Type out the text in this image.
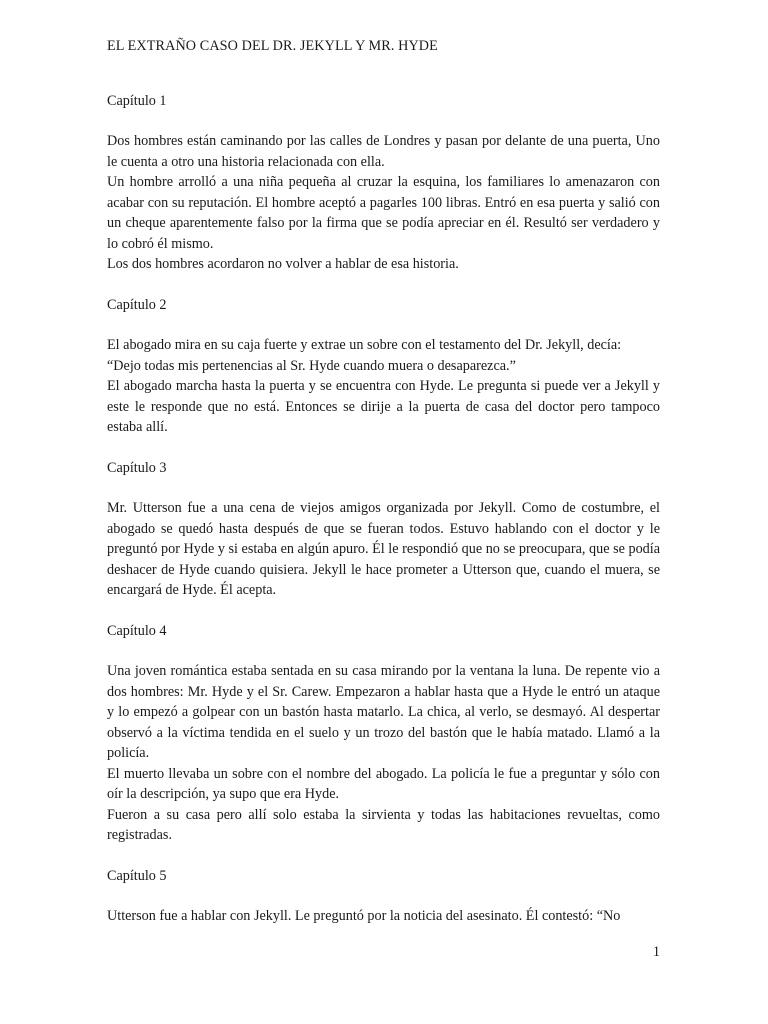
EL EXTRAÑO CASO DEL DR. JEKYLL Y MR. HYDE
Capítulo 1

Dos hombres están caminando por las calles de Londres y pasan por delante de una puerta, Uno le cuenta a otro una historia relacionada con ella.

Un hombre arrolló a una niña pequeña al cruzar la esquina, los familiares lo amenazaron con acabar con su reputación. El hombre aceptó a pagarles 100 libras. Entró en esa puerta y salió con un cheque aparentemente falso por la firma que se podía apreciar en él. Resultó ser verdadero y lo cobró él mismo.

Los dos hombres acordaron no volver a hablar de esa historia.

Capítulo 2

El abogado mira en su caja fuerte y extrae un sobre con el testamento del Dr. Jekyll, decía:

“Dejo todas mis pertenencias al Sr. Hyde cuando muera o desaparezca.”

El abogado marcha hasta la puerta y se encuentra con Hyde. Le pregunta si puede ver a Jekyll y este le responde que no está. Entonces se dirije a la puerta de casa del doctor pero tampoco estaba allí.

Capítulo 3

Mr. Utterson fue a una cena de viejos amigos organizada por Jekyll. Como de costumbre, el abogado se quedó hasta después de que se fueran todos. Estuvo hablando con el doctor y le preguntó por Hyde y si estaba en algún apuro. Él le respondió que no se preocupara, que se podía deshacer de Hyde cuando quisiera. Jekyll le hace prometer a Utterson que, cuando el muera, se encargará de Hyde. Él acepta.

Capítulo 4

Una joven romántica estaba sentada en su casa mirando por la ventana la luna. De repente vio a dos hombres: Mr. Hyde y el Sr. Carew. Empezaron a hablar hasta que a Hyde le entró un ataque y lo empezó a golpear con un bastón hasta matarlo. La chica, al verlo, se desmayó. Al despertar observó a la víctima tendida en el suelo y un trozo del bastón que le había matado. Llamó a la policía.

El muerto llevaba un sobre con el nombre del abogado. La policía le fue a preguntar y sólo con oír la descripción, ya supo que era Hyde.

Fueron a su casa pero allí solo estaba la sirvienta y todas las habitaciones revueltas, como registradas.

Capítulo 5

Utterson fue a hablar con Jekyll. Le preguntó por la noticia del asesinato. Él contestó: “No

1
